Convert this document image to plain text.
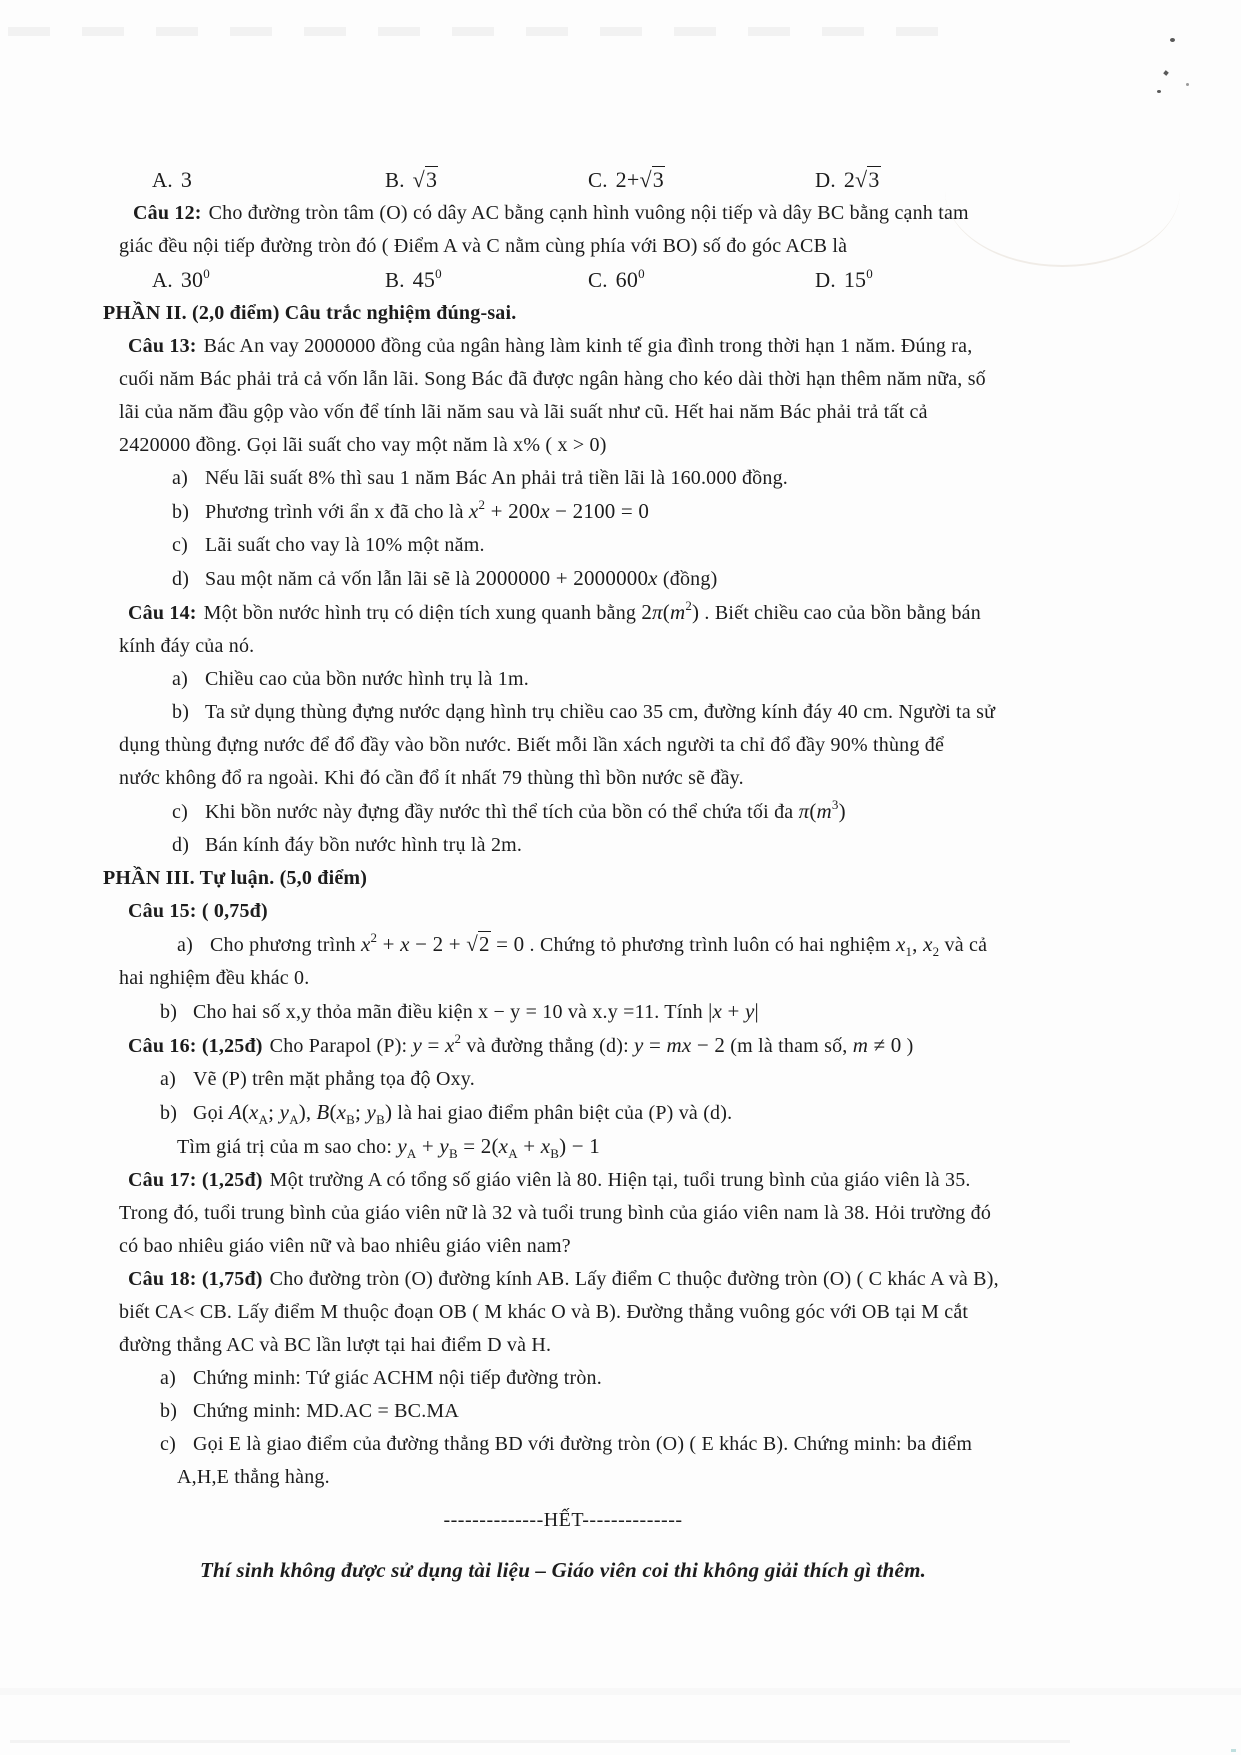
A. 3	B. √3	C. 2+√3	D. 2√3
Câu 12: Cho đường tròn tâm (O) có dây AC bằng cạnh hình vuông nội tiếp và dây BC bằng cạnh tam
giác đều nội tiếp đường tròn đó ( Điểm A và C nằm cùng phía với BO) số đo góc ACB là
A. $30^0$	B. $45^0$	C. $60^0$	D. $15^0$
PHẦN II. (2,0 điểm) Câu trắc nghiệm đúng-sai.
Câu 13: Bác An vay 2000000 đồng của ngân hàng làm kinh tế gia đình trong thời hạn 1 năm. Đúng ra,
cuối năm Bác phải trả cả vốn lẫn lãi. Song Bác đã được ngân hàng cho kéo dài thời hạn thêm năm nữa, số
lãi của năm đầu gộp vào vốn để tính lãi năm sau và lãi suất như cũ. Hết hai năm Bác phải trả tất cả
2420000 đồng. Gọi lãi suất cho vay một năm là x% ( x > 0)
a) Nếu lãi suất 8% thì sau 1 năm Bác An phải trả tiền lãi là 160.000 đồng.
b) Phương trình với ẩn x đã cho là $x^2 + 200x - 2100 = 0$
c) Lãi suất cho vay là 10% một năm.
d) Sau một năm cả vốn lẫn lãi sẽ là 2000000 + 2000000x (đồng)
Câu 14: Một bồn nước hình trụ có diện tích xung quanh bằng $2\pi(m^2)$ . Biết chiều cao của bồn bằng bán
kính đáy của nó.
a) Chiều cao của bồn nước hình trụ là 1m.
b) Ta sử dụng thùng đựng nước dạng hình trụ chiều cao 35 cm, đường kính đáy 40 cm. Người ta sử
dụng thùng đựng nước để đổ đầy vào bồn nước. Biết mỗi lần xách người ta chỉ đổ đầy 90% thùng để
nước không đổ ra ngoài. Khi đó cần đổ ít nhất 79 thùng thì bồn nước sẽ đầy.
c) Khi bồn nước này đựng đầy nước thì thể tích của bồn có thể chứa tối đa $\pi(m^3)$
d) Bán kính đáy bồn nước hình trụ là 2m.
PHẦN III. Tự luận. (5,0 điểm)
Câu 15: ( 0,75đ)
a) Cho phương trình $x^2 + x - 2 + √2 = 0$ . Chứng tỏ phương trình luôn có hai nghiệm $x_1$, $x_2$ và cả
hai nghiệm đều khác 0.
b) Cho hai số x,y thỏa mãn điều kiện x − y = 10 và x.y =11. Tính |x + y|
Câu 16: (1,25đ) Cho Parapol (P): $y = x^2$ và đường thẳng (d): y = mx − 2 (m là tham số, m ≠ 0 )
a) Vẽ (P) trên mặt phẳng tọa độ Oxy.
b) Gọi $A(x_A$; $y_A$), $B(x_B$; $y_B$) là hai giao điểm phân biệt của (P) và (d).
Tìm giá trị của m sao cho: $y_A + y_B = 2(x_A + x_B) - 1$
Câu 17: (1,25đ) Một trường A có tổng số giáo viên là 80. Hiện tại, tuổi trung bình của giáo viên là 35.
Trong đó, tuổi trung bình của giáo viên nữ là 32 và tuổi trung bình của giáo viên nam là 38. Hỏi trường đó
có bao nhiêu giáo viên nữ và bao nhiêu giáo viên nam?
Câu 18: (1,75đ) Cho đường tròn (O) đường kính AB. Lấy điểm C thuộc đường tròn (O) ( C khác A và B),
biết CA< CB. Lấy điểm M thuộc đoạn OB ( M khác O và B). Đường thẳng vuông góc với OB tại M cắt
đường thẳng AC và BC lần lượt tại hai điểm D và H.
a) Chứng minh: Tứ giác ACHM nội tiếp đường tròn.
b) Chứng minh: MD.AC = BC.MA
c) Gọi E là giao điểm của đường thẳng BD với đường tròn (O) ( E khác B). Chứng minh: ba điểm
A,H,E thẳng hàng.
--------------HẾT--------------
Thí sinh không được sử dụng tài liệu – Giáo viên coi thi không giải thích gì thêm.
